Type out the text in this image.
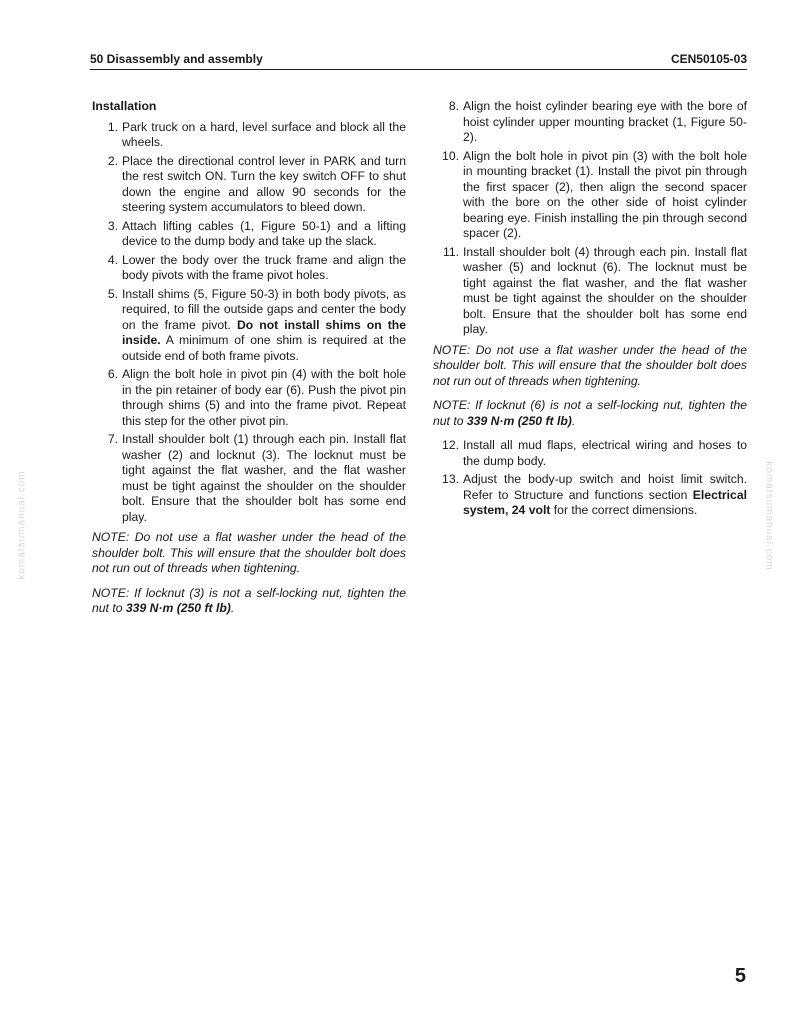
50 Disassembly and assembly	CEN50105-03
Installation
1. Park truck on a hard, level surface and block all the wheels.
2. Place the directional control lever in PARK and turn the rest switch ON. Turn the key switch OFF to shut down the engine and allow 90 seconds for the steering system accumulators to bleed down.
3. Attach lifting cables (1, Figure 50-1) and a lifting device to the dump body and take up the slack.
4. Lower the body over the truck frame and align the body pivots with the frame pivot holes.
5. Install shims (5, Figure 50-3) in both body pivots, as required, to fill the outside gaps and center the body on the frame pivot. Do not install shims on the inside. A minimum of one shim is required at the outside end of both frame pivots.
6. Align the bolt hole in pivot pin (4) with the bolt hole in the pin retainer of body ear (6). Push the pivot pin through shims (5) and into the frame pivot. Repeat this step for the other pivot pin.
7. Install shoulder bolt (1) through each pin. Install flat washer (2) and locknut (3). The locknut must be tight against the flat washer, and the flat washer must be tight against the shoulder on the shoulder bolt. Ensure that the shoulder bolt has some end play.

NOTE: Do not use a flat washer under the head of the shoulder bolt. This will ensure that the shoulder bolt does not run out of threads when tightening.

NOTE: If locknut (3) is not a self-locking nut, tighten the nut to 339 N·m (250 ft lb).

8. Align the hoist cylinder bearing eye with the bore of hoist cylinder upper mounting bracket (1, Figure 50-2).
10. Align the bolt hole in pivot pin (3) with the bolt hole in mounting bracket (1). Install the pivot pin through the first spacer (2), then align the second spacer with the bore on the other side of hoist cylinder bearing eye. Finish installing the pin through second spacer (2).
11. Install shoulder bolt (4) through each pin. Install flat washer (5) and locknut (6). The locknut must be tight against the flat washer, and the flat washer must be tight against the shoulder on the shoulder bolt. Ensure that the shoulder bolt has some end play.

NOTE: Do not use a flat washer under the head of the shoulder bolt. This will ensure that the shoulder bolt does not run out of threads when tightening.

NOTE: If locknut (6) is not a self-locking nut, tighten the nut to 339 N·m (250 ft lb).

12. Install all mud flaps, electrical wiring and hoses to the dump body.
13. Adjust the body-up switch and hoist limit switch. Refer to Structure and functions section Electrical system, 24 volt for the correct dimensions.
komatsumanual.com	komatsumanual.com
5
